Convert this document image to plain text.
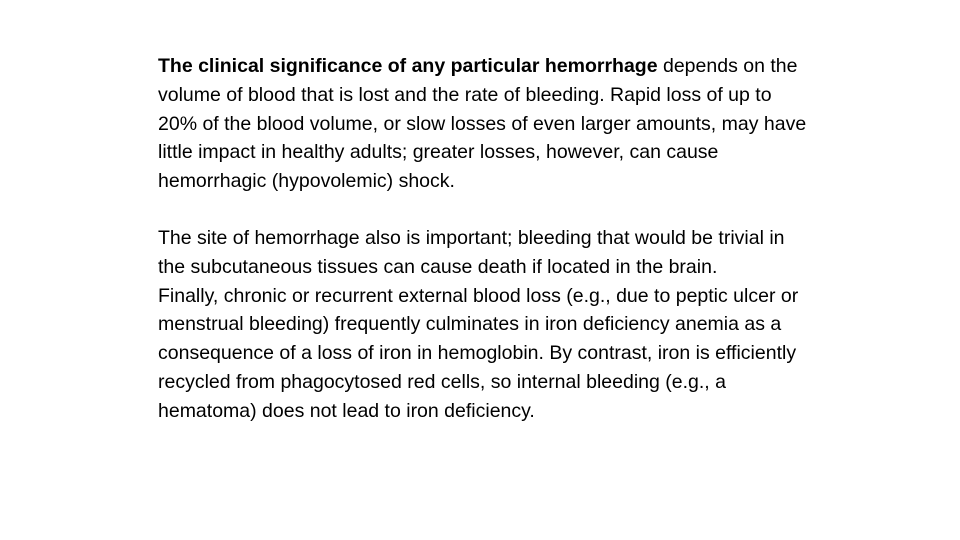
The clinical significance of any particular hemorrhage depends on the volume of blood that is lost and the rate of bleeding. Rapid loss of up to 20% of the blood volume, or slow losses of even larger amounts, may have little impact in healthy adults; greater losses, however, can cause hemorrhagic (hypovolemic) shock.

The site of hemorrhage also is important; bleeding that would be trivial in the subcutaneous tissues can cause death if located in the brain.

Finally, chronic or recurrent external blood loss (e.g., due to peptic ulcer or menstrual bleeding) frequently culminates in iron deficiency anemia as a consequence of a loss of iron in hemoglobin. By contrast, iron is efficiently recycled from phagocytosed red cells, so internal bleeding (e.g., a hematoma) does not lead to iron deficiency.
